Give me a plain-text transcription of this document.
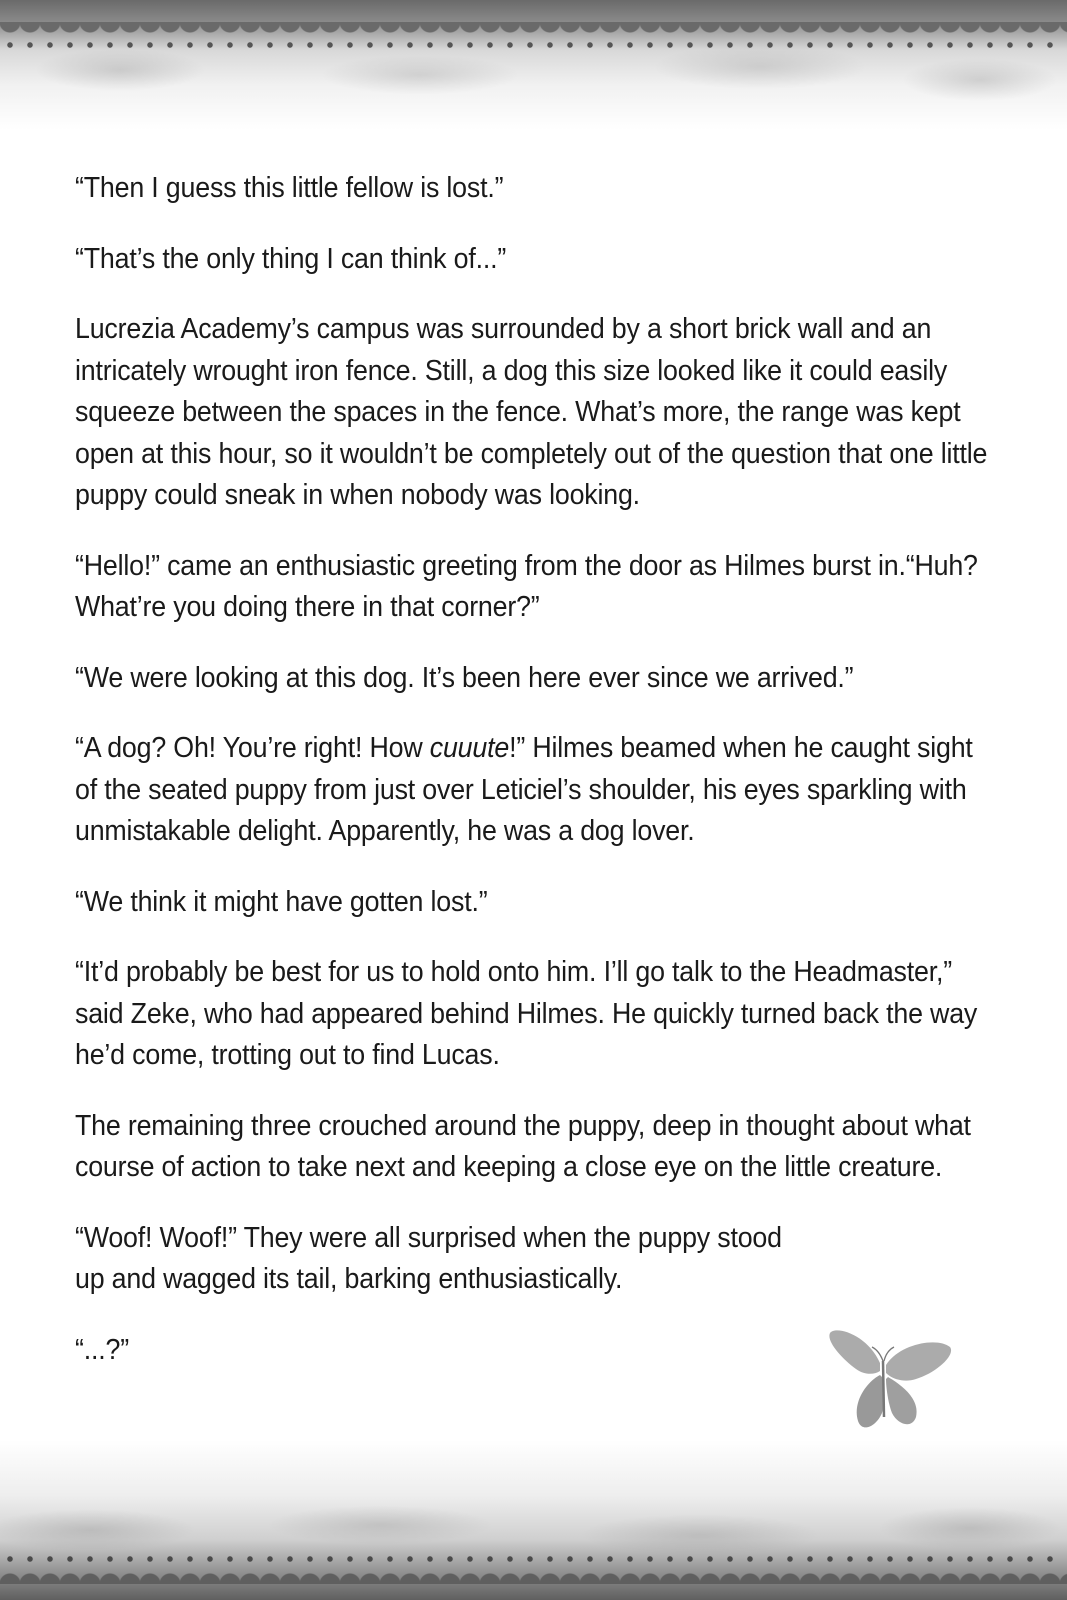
“Then I guess this little fellow is lost.”

“That’s the only thing I can think of...”

Lucrezia Academy’s campus was surrounded by a short brick wall and an intricately wrought iron fence. Still, a dog this size looked like it could easily squeeze between the spaces in the fence. What’s more, the range was kept open at this hour, so it wouldn’t be completely out of the question that one little puppy could sneak in when nobody was looking.

“Hello!” came an enthusiastic greeting from the door as Hilmes burst in.“Huh? What’re you doing there in that corner?”

“We were looking at this dog. It’s been here ever since we arrived.”

“A dog? Oh! You’re right! How cuuute!” Hilmes beamed when he caught sight of the seated puppy from just over Leticiel’s shoulder, his eyes sparkling with unmistakable delight. Apparently, he was a dog lover.

“We think it might have gotten lost.”

“It’d probably be best for us to hold onto him. I’ll go talk to the Headmaster,” said Zeke, who had appeared behind Hilmes. He quickly turned back the way he’d come, trotting out to find Lucas.

The remaining three crouched around the puppy, deep in thought about what course of action to take next and keeping a close eye on the little creature.

“Woof! Woof!” They were all surprised when the puppy stood up and wagged its tail, barking enthusiastically.

“...?”
